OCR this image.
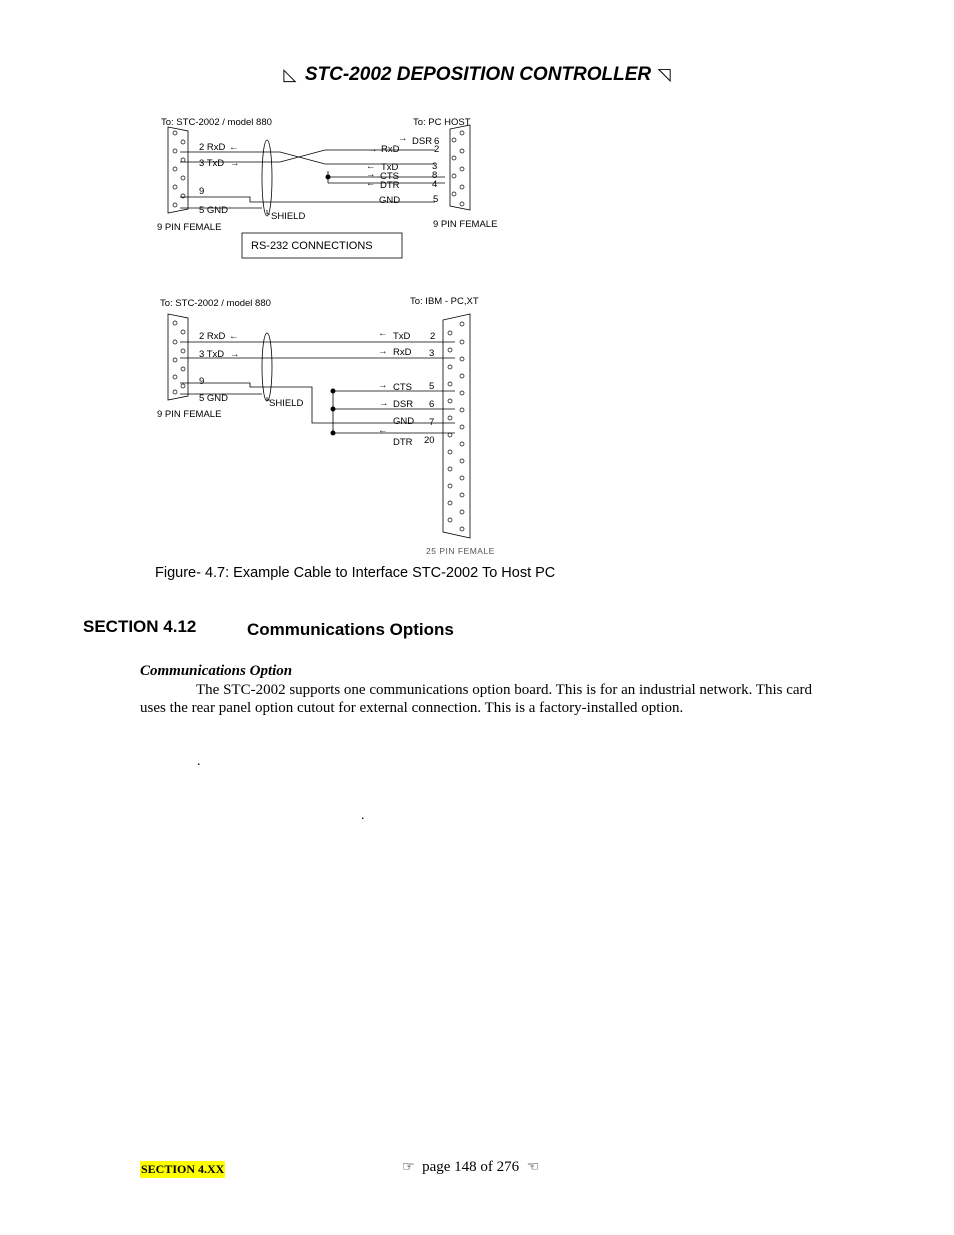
◺ STC-2002 DEPOSITION CONTROLLER ◹
To: STC-2002 / model 880	To: PC HOST
2 RxD
3 TxD
9
5 GND
←
→
SHIELD
→ DSR
→ RxD
← TxD
→ CTS
← DTR
GND
6
2
3
8
4
5
9 PIN FEMALE	9 PIN FEMALE
RS-232 CONNECTIONS
To: STC-2002 / model 880	To: IBM - PC,XT
2 RxD
3 TxD
9
5 GND
←
→
SHIELD
← TxD
→ RxD
→ CTS
→ DSR
GND
←
DTR
2
3
5
6
7
20
9 PIN FEMALE
25 PIN FEMALE
Figure- 4.7: Example Cable to Interface STC-2002 To Host PC
SECTION 4.12	Communications Options
Communications Option
The STC-2002 supports one communications option board. This is for an industrial network. This card uses the rear panel option cutout for external connection. This is a factory-installed option.
.
.
SECTION 4.XX	☞ page 148 of 276 ☜
